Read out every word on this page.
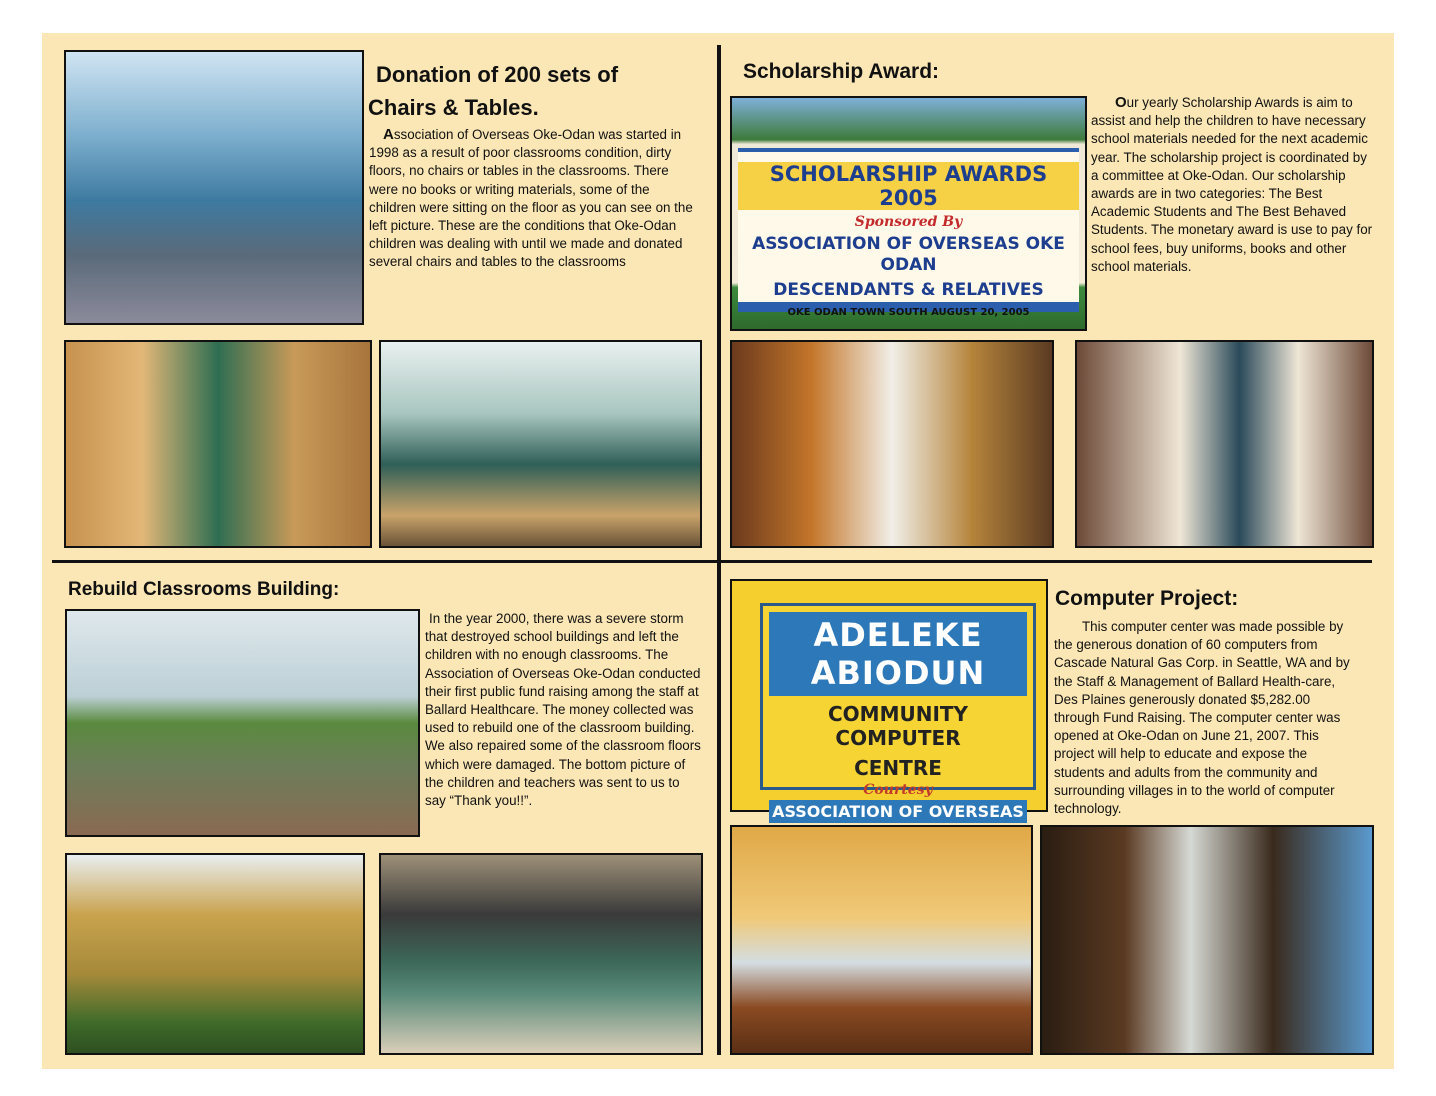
Donation of 200 sets of
Chairs & Tables.

Association of Overseas Oke-Odan was started in 1998 as a result of poor classrooms condition, dirty floors, no chairs or tables in the classrooms. There were no books or writing materials, some of the children were sitting on the floor as you can see on the left picture. These are the conditions that Oke-Odan children was dealing with until we made and donated several chairs and tables to the classrooms

Scholarship Award:
SCHOLARSHIP AWARDS 2005
Sponsored By
ASSOCIATION OF OVERSEAS OKE ODAN
DESCENDANTS & RELATIVES
OKE ODAN TOWN SOUTH AUGUST 20, 2005

Our yearly Scholarship Awards is aim to assist and help the children to have necessary school materials needed for the next academic year. The scholarship project is coordinated by a committee at Oke-Odan. Our scholarship awards are in two categories: The Best Academic Students and The Best Behaved Students. The monetary award is use to pay for school fees, buy uniforms, books and other school materials.

Rebuild Classrooms Building:

In the year 2000, there was a severe storm that destroyed school buildings and left the children with no enough classrooms. The Association of Overseas Oke-Odan conducted their first public fund raising among the staff at Ballard Healthcare. The money collected was used to rebuild one of the classroom building. We also repaired some of the classroom floors which were damaged. The bottom picture of the children and teachers was sent to us to say “Thank you!!”.

ADELEKE ABIODUN
COMMUNITY COMPUTER
CENTRE
Courtesy
ASSOCIATION OF OVERSEAS
Computer Project:

This computer center was made possible by the generous donation of 60 computers from Cascade Natural Gas Corp. in Seattle, WA and by the Staff & Management of Ballard Health-care, Des Plaines generously donated $5,282.00 through Fund Raising. The computer center was opened at Oke-Odan on June 21, 2007. This project will help to educate and expose the students and adults from the community and surrounding villages in to the world of computer technology.
